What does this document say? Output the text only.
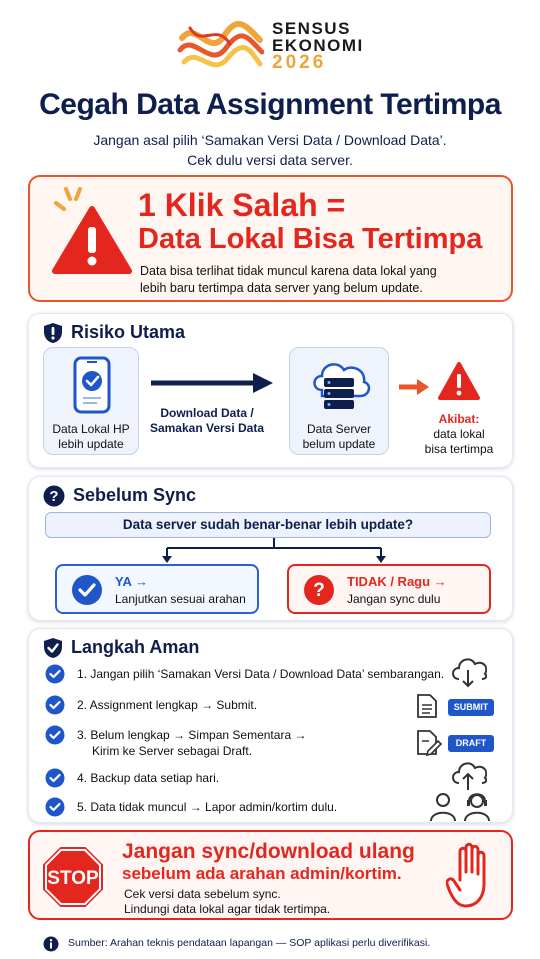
SENSUS
EKONOMI
2026
Cegah Data Assignment Tertimpa
Jangan asal pilih ‘Samakan Versi Data / Download Data’.
Cek dulu versi data server.
1 Klik Salah =
Data Lokal Bisa Tertimpa
Data bisa terlihat tidak muncul karena data lokal yang
lebih baru tertimpa data server yang belum update.
Risiko Utama
Data Lokal HP
lebih update
Download Data /
Samakan Versi Data	Data Server
belum update
Akibat:
data lokal
bisa tertimpa
? Sebelum Sync
Data server sudah benar-benar lebih update?
YA →
Lanjutkan sesuai arahan	? TIDAK / Ragu →
Jangan sync dulu
Langkah Aman
1. Jangan pilih ‘Samakan Versi Data / Download Data’ sembarangan.
2. Assignment lengkap → Submit.	SUBMIT
3. Belum lengkap → Simpan Sementara →
Kirim ke Server sebagai Draft.
DRAFT
4. Backup data setiap hari.
5. Data tidak muncul → Lapor admin/kortim dulu.
STOP
Jangan sync/download ulang
sebelum ada arahan admin/kortim.
Cek versi data sebelum sync.
Lindungi data lokal agar tidak tertimpa.
Sumber: Arahan teknis pendataan lapangan — SOP aplikasi perlu diverifikasi.
